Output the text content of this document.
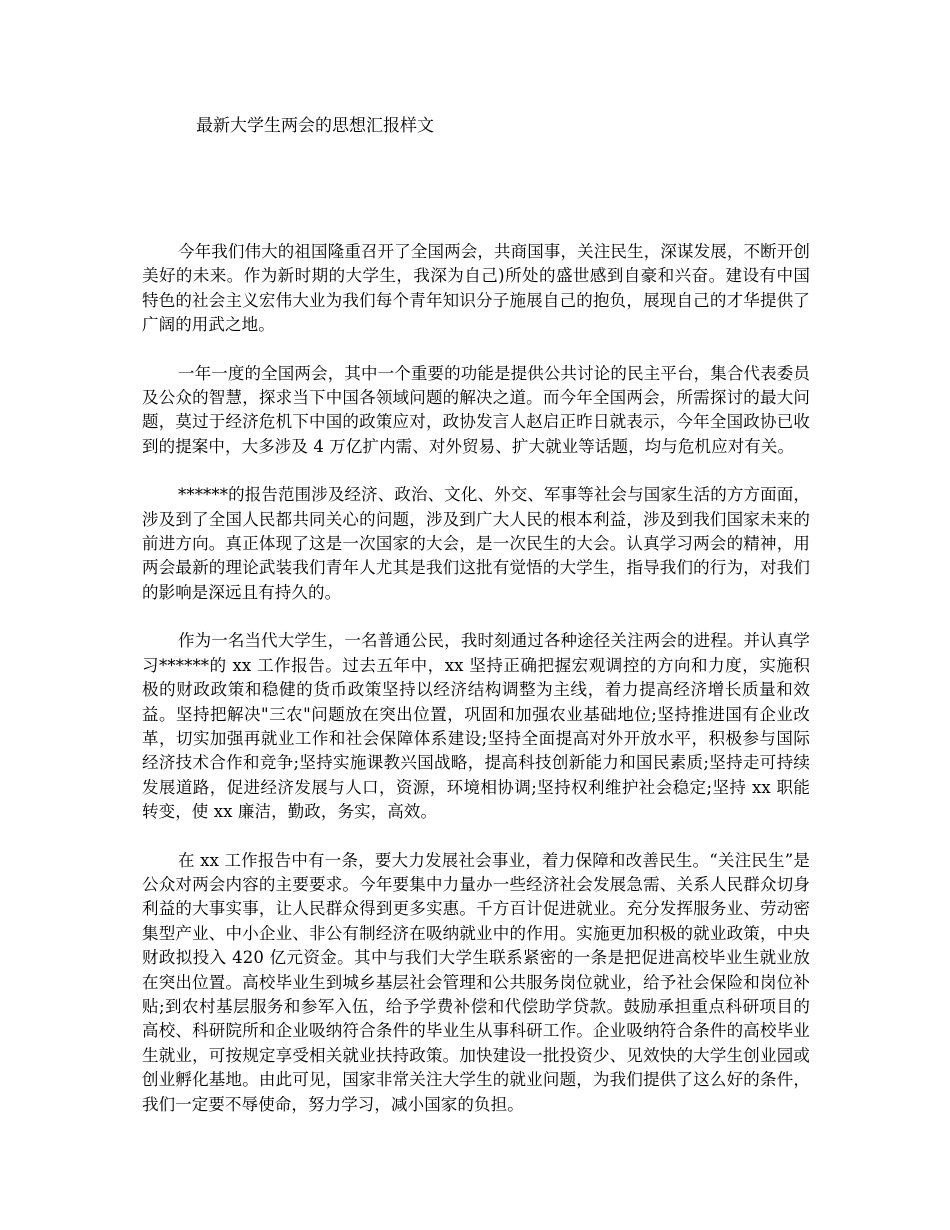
最新大学生两会的思想汇报样文

今年我们伟大的祖国隆重召开了全国两会，共商国事，关注民生，深谋发展，不断开创美好的未来。作为新时期的大学生，我深为自己)所处的盛世感到自豪和兴奋。建设有中国特色的社会主义宏伟大业为我们每个青年知识分子施展自己的抱负，展现自己的才华提供了广阔的用武之地。

一年一度的全国两会，其中一个重要的功能是提供公共讨论的民主平台，集合代表委员及公众的智慧，探求当下中国各领域问题的解决之道。而今年全国两会，所需探讨的最大问题，莫过于经济危机下中国的政策应对，政协发言人赵启正昨日就表示，今年全国政协已收到的提案中，大多涉及 4 万亿扩内需、对外贸易、扩大就业等话题，均与危机应对有关。

******的报告范围涉及经济、政治、文化、外交、军事等社会与国家生活的方方面面，涉及到了全国人民都共同关心的问题，涉及到广大人民的根本利益，涉及到我们国家未来的前进方向。真正体现了这是一次国家的大会，是一次民生的大会。认真学习两会的精神，用两会最新的理论武装我们青年人尤其是我们这批有觉悟的大学生，指导我们的行为，对我们的影响是深远且有持久的。

作为一名当代大学生，一名普通公民，我时刻通过各种途径关注两会的进程。并认真学习******的 xx 工作报告。过去五年中，xx 坚持正确把握宏观调控的方向和力度，实施积极的财政政策和稳健的货币政策坚持以经济结构调整为主线，着力提高经济增长质量和效益。坚持把解决"三农"问题放在突出位置，巩固和加强农业基础地位;坚持推进国有企业改革，切实加强再就业工作和社会保障体系建设;坚持全面提高对外开放水平，积极参与国际经济技术合作和竞争;坚持实施课教兴国战略，提高科技创新能力和国民素质;坚持走可持续发展道路，促进经济发展与人口，资源，环境相协调;坚持权利维护社会稳定;坚持 xx 职能转变，使 xx 廉洁，勤政，务实，高效。

在 xx 工作报告中有一条，要大力发展社会事业，着力保障和改善民生。“关注民生”是公众对两会内容的主要要求。今年要集中力量办一些经济社会发展急需、关系人民群众切身利益的大事实事，让人民群众得到更多实惠。千方百计促进就业。充分发挥服务业、劳动密集型产业、中小企业、非公有制经济在吸纳就业中的作用。实施更加积极的就业政策，中央财政拟投入 420 亿元资金。其中与我们大学生联系紧密的一条是把促进高校毕业生就业放在突出位置。高校毕业生到城乡基层社会管理和公共服务岗位就业，给予社会保险和岗位补贴;到农村基层服务和参军入伍，给予学费补偿和代偿助学贷款。鼓励承担重点科研项目的高校、科研院所和企业吸纳符合条件的毕业生从事科研工作。企业吸纳符合条件的高校毕业生就业，可按规定享受相关就业扶持政策。加快建设一批投资少、见效快的大学生创业园或创业孵化基地。由此可见，国家非常关注大学生的就业问题，为我们提供了这么好的条件，我们一定要不辱使命，努力学习，减小国家的负担。
